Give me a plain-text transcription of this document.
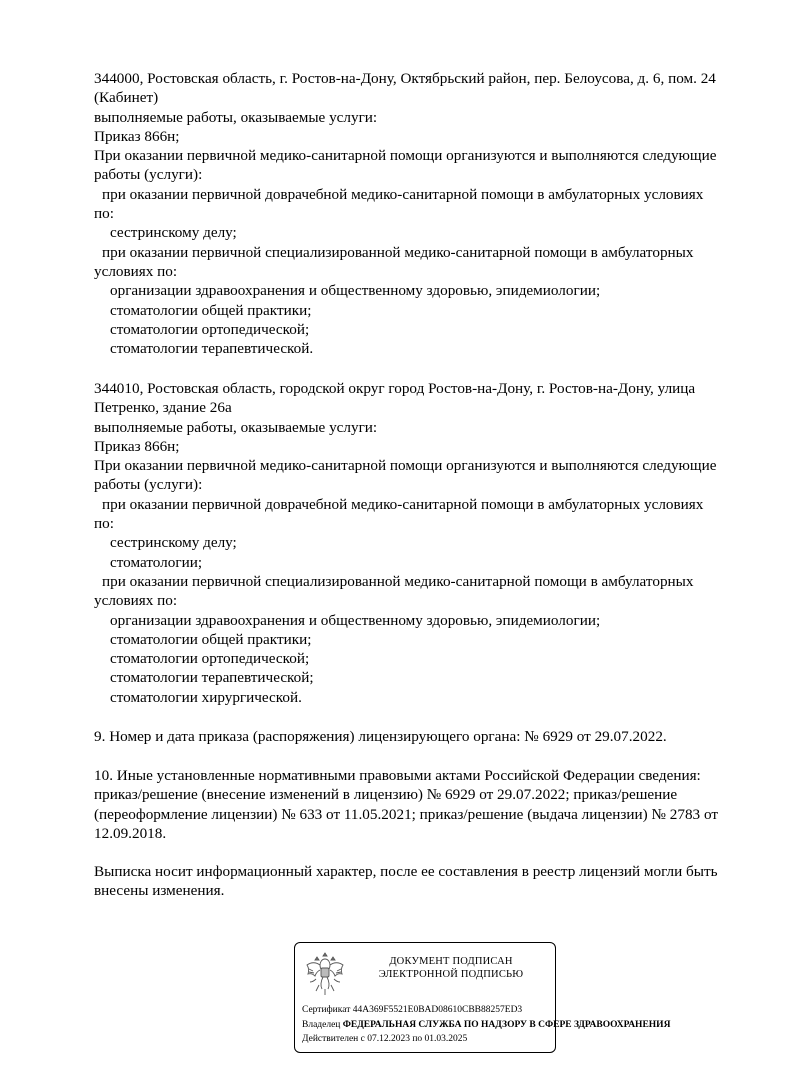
344000, Ростовская область, г. Ростов-на-Дону, Октябрьский район, пер. Белоусова, д. 6, пом. 24
(Кабинет)
выполняемые работы, оказываемые услуги:
Приказ 866н;
При оказании первичной медико-санитарной помощи организуются и выполняются следующие
работы (услуги):
при оказании первичной доврачебной медико-санитарной помощи в амбулаторных условиях
по:
сестринскому делу;
при оказании первичной специализированной медико-санитарной помощи в амбулаторных
условиях по:
организации здравоохранения и общественному здоровью, эпидемиологии;
стоматологии общей практики;
стоматологии ортопедической;
стоматологии терапевтической.
344010, Ростовская область, городской округ город Ростов-на-Дону, г. Ростов-на-Дону, улица
Петренко, здание 26а
выполняемые работы, оказываемые услуги:
Приказ 866н;
При оказании первичной медико-санитарной помощи организуются и выполняются следующие
работы (услуги):
при оказании первичной доврачебной медико-санитарной помощи в амбулаторных условиях
по:
сестринскому делу;
стоматологии;
при оказании первичной специализированной медико-санитарной помощи в амбулаторных
условиях по:
организации здравоохранения и общественному здоровью, эпидемиологии;
стоматологии общей практики;
стоматологии ортопедической;
стоматологии терапевтической;
стоматологии хирургической.
9. Номер и дата приказа (распоряжения) лицензирующего органа: № 6929 от 29.07.2022.
10. Иные установленные нормативными правовыми актами Российской Федерации сведения:
приказ/решение (внесение изменений в лицензию) № 6929 от 29.07.2022; приказ/решение
(переоформление лицензии) № 633 от 11.05.2021; приказ/решение (выдача лицензии) № 2783 от
12.09.2018.
Выписка носит информационный характер, после ее составления в реестр лицензий могли быть
внесены изменения.
ДОКУМЕНТ ПОДПИСАН
ЭЛЕКТРОННОЙ ПОДПИСЬЮ
Сертификат 44A369F5521E0BAD08610CBB88257ED3
Владелец ФЕДЕРАЛЬНАЯ СЛУЖБА ПО НАДЗОРУ В СФЕРЕ ЗДРАВООХРАНЕНИЯ
Действителен с 07.12.2023 по 01.03.2025
